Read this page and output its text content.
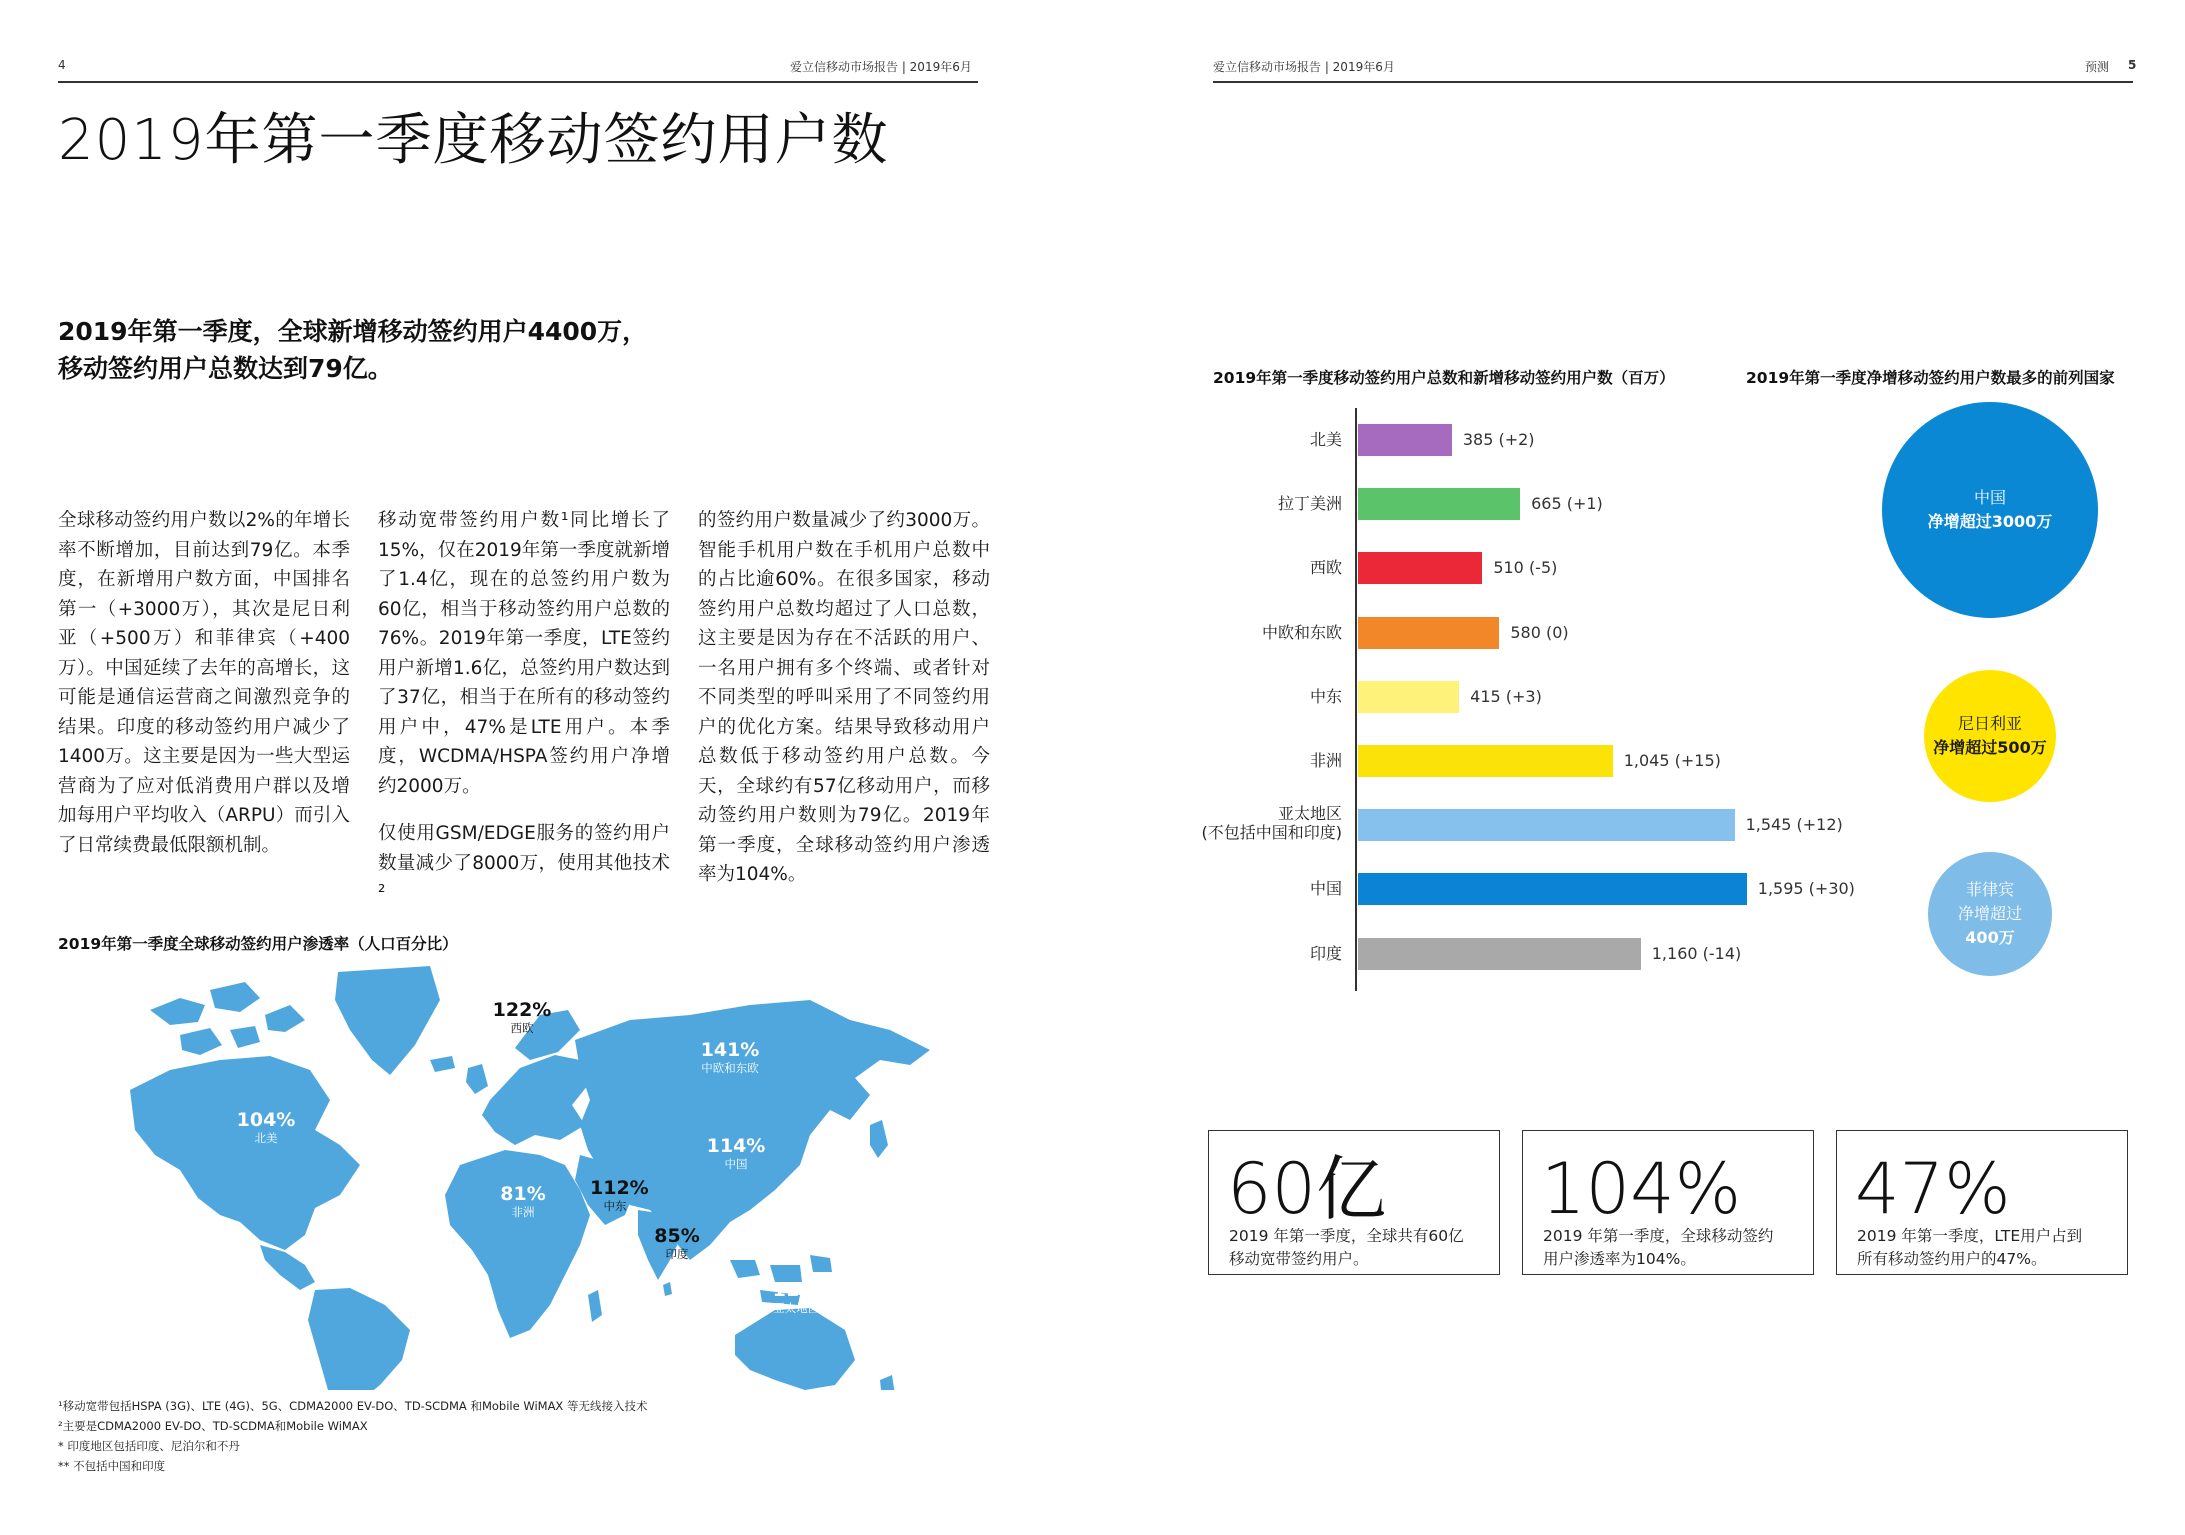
4	爱立信移动市场报告 | 2019年6月	爱立信移动市场报告 | 2019年6月	预测 5
2019年第一季度移动签约用户数
2019年第一季度，全球新增移动签约用户4400万，
移动签约用户总数达到79亿。

全球移动签约用户数以2%的年增长率不断增加，目前达到79亿。本季度，在新增用户数方面，中国排名第一（+3000万），其次是尼日利亚（+500万）和菲律宾（+400万）。中国延续了去年的高增长，这可能是通信运营商之间激烈竞争的结果。印度的移动签约用户减少了1400万。这主要是因为一些大型运营商为了应对低消费用户群以及增加每用户平均收入（ARPU）而引入了日常续费最低限额机制。

移动宽带签约用户数¹同比增长了15%，仅在2019年第一季度就新增了1.4亿，现在的总签约用户数为60亿，相当于移动签约用户总数的76%。2019年第一季度，LTE签约用户新增1.6亿，总签约用户数达到了37亿，相当于在所有的移动签约用户中，47%是LTE用户。本季度，WCDMA/HSPA签约用户净增约2000万。

仅使用GSM/EDGE服务的签约用户数量减少了8000万，使用其他技术²

的签约用户数量减少了约3000万。智能手机用户数在手机用户总数中的占比逾60%。在很多国家，移动签约用户总数均超过了人口总数，这主要是因为存在不活跃的用户、一名用户拥有多个终端、或者针对不同类型的呼叫采用了不同签约用户的优化方案。结果导致移动用户总数低于移动签约用户总数。今天，全球约有57亿移动用户，而移动签约用户数则为79亿。2019年第一季度，全球移动签约用户渗透率为104%。

2019年第一季度全球移动签约用户渗透率（人口百分比）
122%
西欧
141%
中欧和东欧
104%
北美	114%
中国
81%
非洲
112%
中东
85%
印度
102%
拉丁美洲
114%
亚太地区**
¹移动宽带包括HSPA (3G)、LTE (4G)、5G、CDMA2000 EV-DO、TD-SCDMA 和Mobile WiMAX 等无线接入技术
²主要是CDMA2000 EV-DO、TD-SCDMA和Mobile WiMAX
* 印度地区包括印度、尼泊尔和不丹
** 不包括中国和印度
2019年第一季度移动签约用户总数和新增移动签约用户数（百万）
北美	385 (+2)
拉丁美洲	665 (+1)
西欧	510 (-5)
中欧和东欧	580 (0)
中东	415 (+3)
非洲	1,045 (+15)
亚太地区
(不包括中国和印度)	1,545 (+12)
中国	1,595 (+30)
印度	1,160 (-14)
2019年第一季度净增移动签约用户数最多的前列国家
中国
净增超过3000万
尼日利亚
净增超过500万
菲律宾
净增超过
400万
60亿
2019 年第一季度，全球共有60亿
移动宽带签约用户。
104%
2019 年第一季度，全球移动签约
用户渗透率为104%。
47%
2019 年第一季度，LTE用户占到
所有移动签约用户的47%。
